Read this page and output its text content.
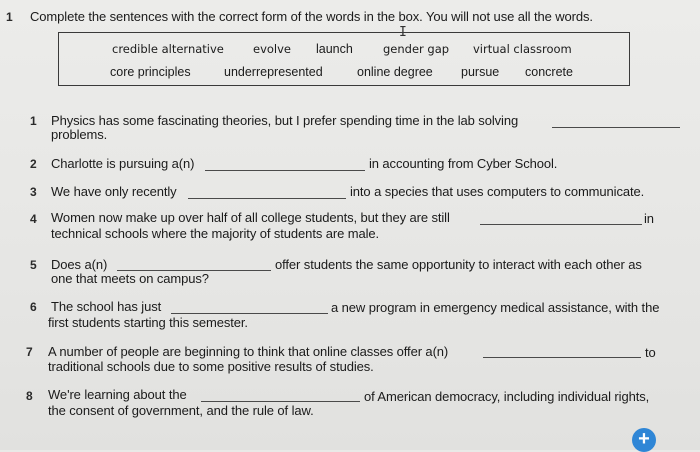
1 Complete the sentences with the correct form of the words in the box. You will not use all the words.
I
credible alternative	evolve launch	gender gap virtual classroom
core principles	underrepresented	online degree pursue concrete
1 Physics has some fascinating theories, but I prefer spending time in the lab solving
problems.
2 Charlotte is pursuing a(n)	in accounting from Cyber School.
3 We have only recently	into a species that uses computers to communicate.
4 Women now make up over half of all college students, but they are still	in
technical schools where the majority of students are male.
5 Does a(n)	offer students the same opportunity to interact with each other as
one that meets on campus?
6 The school has just	a new program in emergency medical assistance, with the
first students starting this semester.
7 A number of people are beginning to think that online classes offer a(n)	to
traditional schools due to some positive results of studies.
8 We're learning about the	of American democracy, including individual rights,
the consent of government, and the rule of law.
+
